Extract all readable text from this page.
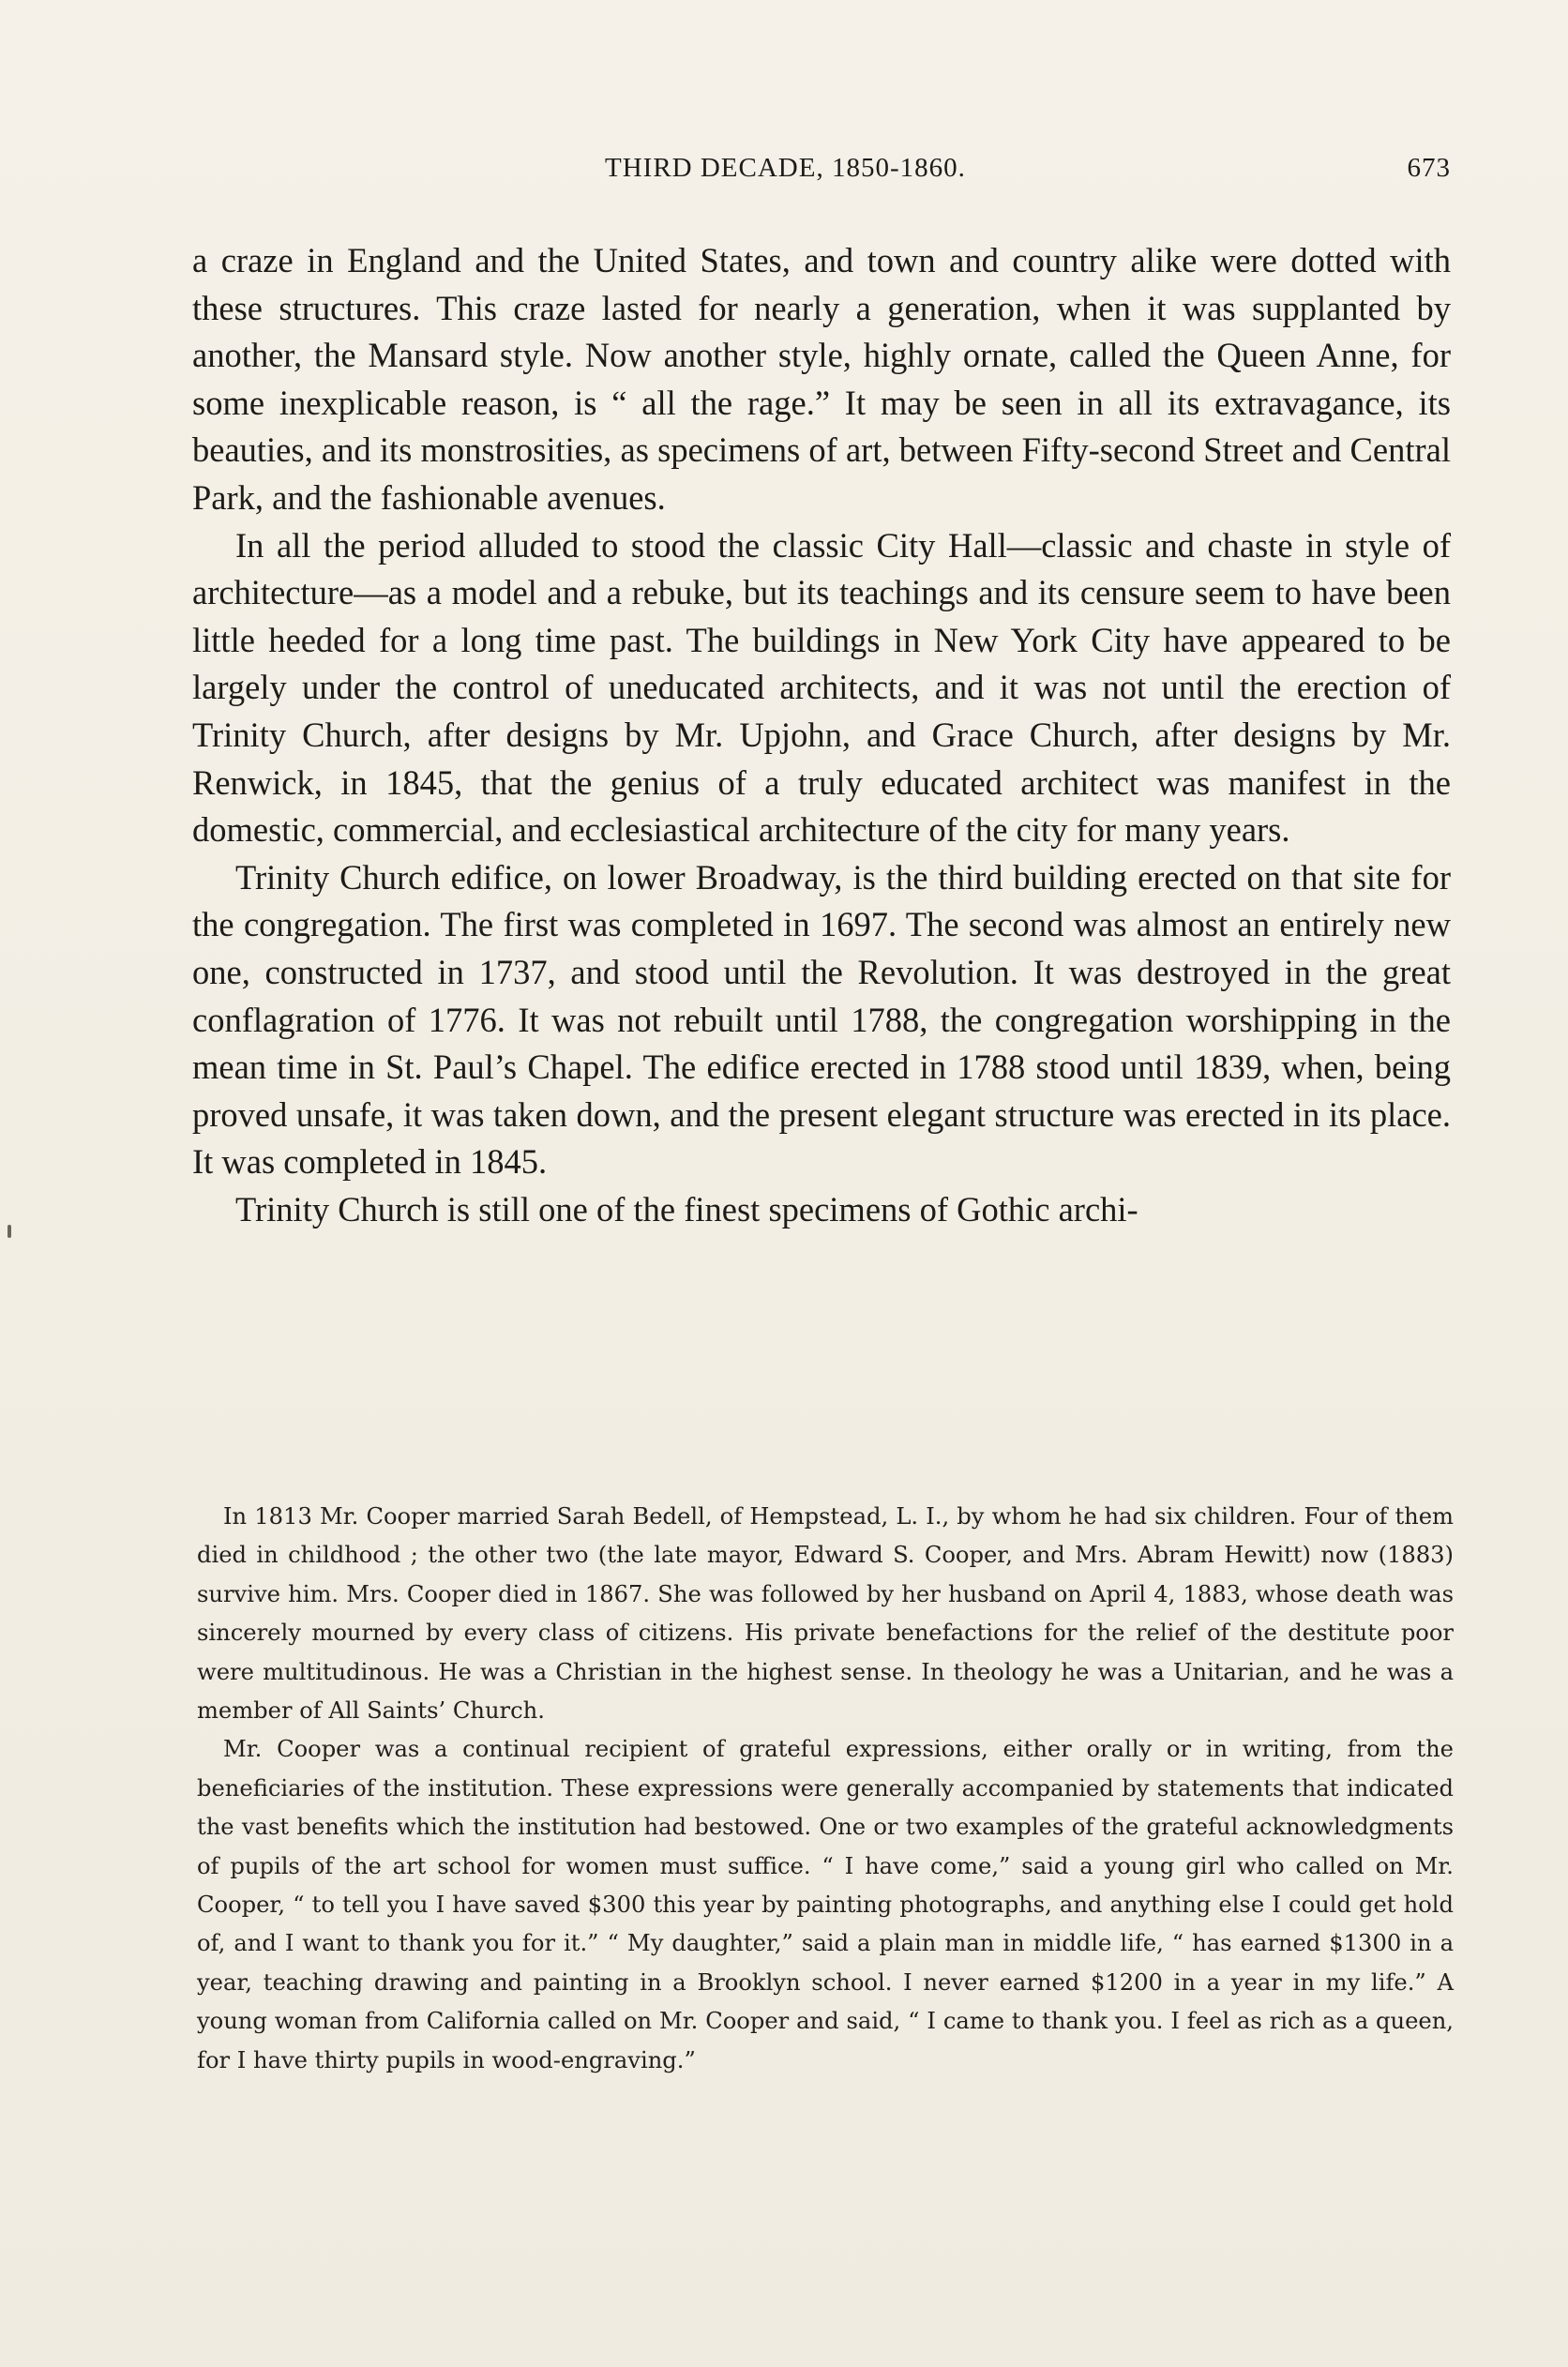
THIRD DECADE, 1850-1860.	673

a craze in England and the United States, and town and country alike were dotted with these structures. This craze lasted for nearly a generation, when it was supplanted by another, the Mansard style. Now another style, highly ornate, called the Queen Anne, for some inexplicable reason, is “ all the rage.” It may be seen in all its extravagance, its beauties, and its monstrosities, as specimens of art, between Fifty-second Street and Central Park, and the fashionable avenues.

In all the period alluded to stood the classic City Hall—classic and chaste in style of architecture—as a model and a rebuke, but its teachings and its censure seem to have been little heeded for a long time past. The buildings in New York City have appeared to be largely under the control of uneducated architects, and it was not until the erection of Trinity Church, after designs by Mr. Upjohn, and Grace Church, after designs by Mr. Renwick, in 1845, that the genius of a truly educated architect was manifest in the domestic, commercial, and ecclesiastical architecture of the city for many years.

Trinity Church edifice, on lower Broadway, is the third building erected on that site for the congregation. The first was completed in 1697. The second was almost an entirely new one, constructed in 1737, and stood until the Revolution. It was destroyed in the great conflagration of 1776. It was not rebuilt until 1788, the congregation worshipping in the mean time in St. Paul’s Chapel. The edifice erected in 1788 stood until 1839, when, being proved unsafe, it was taken down, and the present elegant structure was erected in its place. It was completed in 1845.

Trinity Church is still one of the finest specimens of Gothic archi-

In 1813 Mr. Cooper married Sarah Bedell, of Hempstead, L. I., by whom he had six children. Four of them died in childhood ; the other two (the late mayor, Edward S. Cooper, and Mrs. Abram Hewitt) now (1883) survive him. Mrs. Cooper died in 1867. She was followed by her husband on April 4, 1883, whose death was sincerely mourned by every class of citizens. His private benefactions for the relief of the destitute poor were multitudinous. He was a Christian in the highest sense. In theology he was a Unitarian, and he was a member of All Saints’ Church.

Mr. Cooper was a continual recipient of grateful expressions, either orally or in writing, from the beneficiaries of the institution. These expressions were generally accompanied by statements that indicated the vast benefits which the institution had bestowed. One or two examples of the grateful acknowledgments of pupils of the art school for women must suffice. “ I have come,” said a young girl who called on Mr. Cooper, “ to tell you I have saved $300 this year by painting photographs, and anything else I could get hold of, and I want to thank you for it.” “ My daughter,” said a plain man in middle life, “ has earned $1300 in a year, teaching drawing and painting in a Brooklyn school. I never earned $1200 in a year in my life.” A young woman from California called on Mr. Cooper and said, “ I came to thank you. I feel as rich as a queen, for I have thirty pupils in wood-engraving.”
